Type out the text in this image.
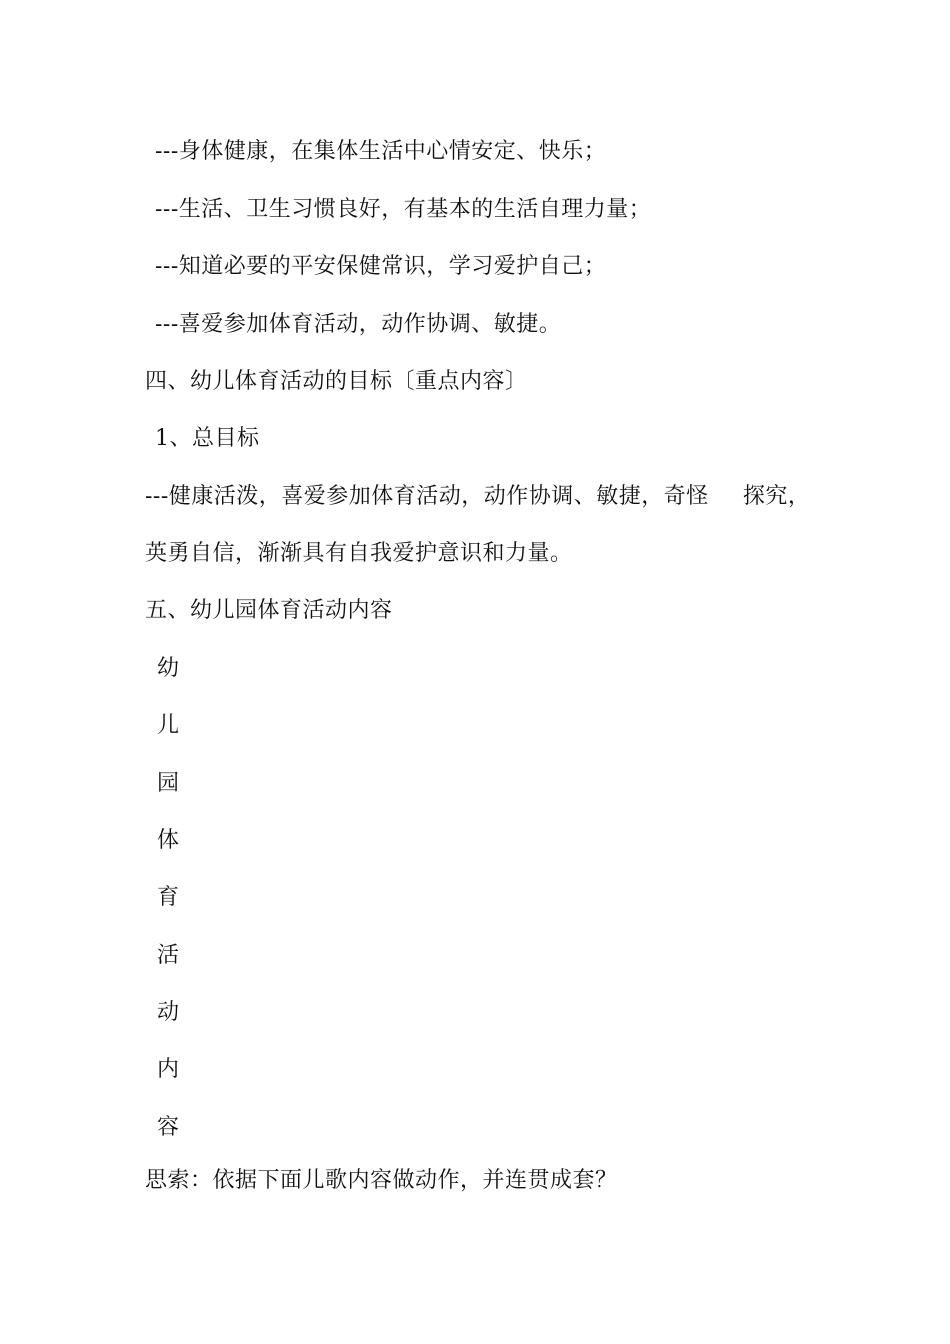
---身体健康，在集体生活中心情安定、快乐；
---生活、卫生习惯良好，有基本的生活自理力量；
---知道必要的平安保健常识，学习爱护自己；
---喜爱参加体育活动，动作协调、敏捷。
四、幼儿体育活动的目标〔重点内容〕
1、总目标
---健康活泼，喜爱参加体育活动，动作协调、敏捷，奇怪 探究，
英勇自信，渐渐具有自我爱护意识和力量。
五、幼儿园体育活动内容
幼
儿
园
体
育
活
动
内
容
思索：依据下面儿歌内容做动作，并连贯成套？
